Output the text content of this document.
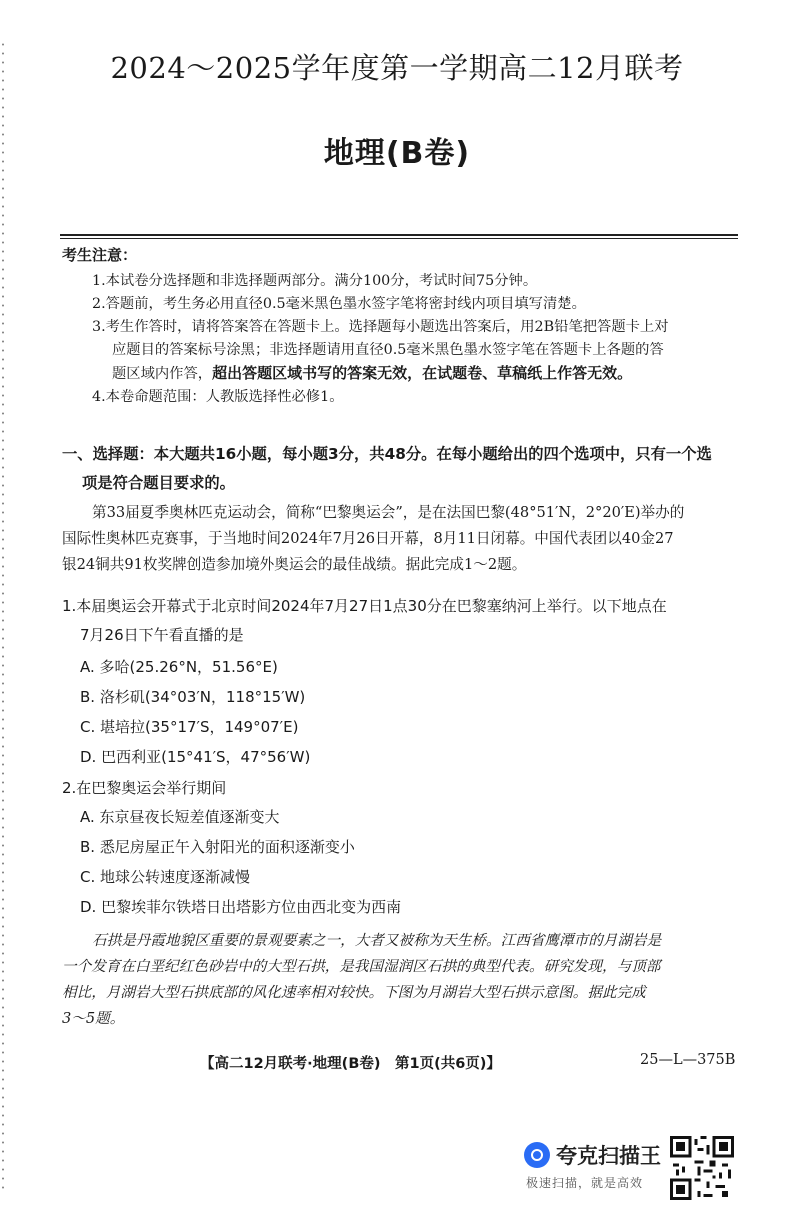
2024～2025学年度第一学期高二12月联考
地理(B卷)
考生注意：
1.本试卷分选择题和非选择题两部分。满分100分，考试时间75分钟。
2.答题前，考生务必用直径0.5毫米黑色墨水签字笔将密封线内项目填写清楚。
3.考生作答时，请将答案答在答题卡上。选择题每小题选出答案后，用2B铅笔把答题卡上对
应题目的答案标号涂黑；非选择题请用直径0.5毫米黑色墨水签字笔在答题卡上各题的答
题区域内作答，超出答题区域书写的答案无效，在试题卷、草稿纸上作答无效。
4.本卷命题范围：人教版选择性必修1。
一、选择题：本大题共16小题，每小题3分，共48分。在每小题给出的四个选项中，只有一个选
项是符合题目要求的。
第33届夏季奥林匹克运动会，简称“巴黎奥运会”，是在法国巴黎(48°51′N，2°20′E)举办的
国际性奥林匹克赛事，于当地时间2024年7月26日开幕，8月11日闭幕。中国代表团以40金27
银24铜共91枚奖牌创造参加境外奥运会的最佳战绩。据此完成1～2题。
1.本届奥运会开幕式于北京时间2024年7月27日1点30分在巴黎塞纳河上举行。以下地点在
7月26日下午看直播的是
A. 多哈(25.26°N，51.56°E)
B. 洛杉矶(34°03′N，118°15′W)
C. 堪培拉(35°17′S，149°07′E)
D. 巴西利亚(15°41′S，47°56′W)
2.在巴黎奥运会举行期间
A. 东京昼夜长短差值逐渐变大
B. 悉尼房屋正午入射阳光的面积逐渐变小
C. 地球公转速度逐渐减慢
D. 巴黎埃菲尔铁塔日出塔影方位由西北变为西南
石拱是丹霞地貌区重要的景观要素之一，大者又被称为天生桥。江西省鹰潭市的月湖岩是
一个发育在白垩纪红色砂岩中的大型石拱，是我国湿润区石拱的典型代表。研究发现，与顶部
相比，月湖岩大型石拱底部的风化速率相对较快。下图为月湖岩大型石拱示意图。据此完成
3～5题。
【高二12月联考·地理(B卷)　第1页(共6页)】	25—L—375B
夸克扫描王
极速扫描，就是高效
